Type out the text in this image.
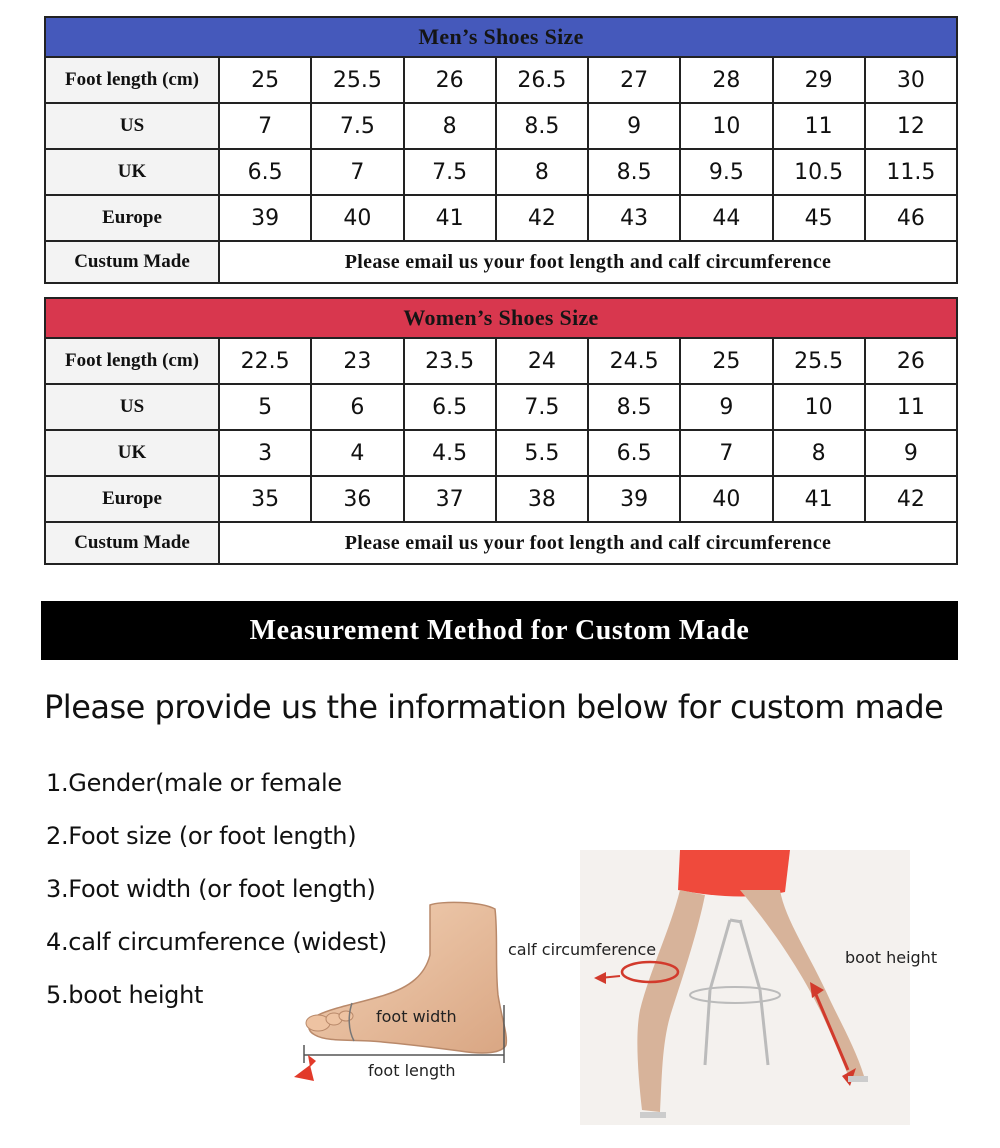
Men’s Shoes Size								
Foot length (cm)	25	25.5	26	26.5	27	28	29	30
US	7	7.5	8	8.5	9	10	11	12
UK	6.5	7	7.5	8	8.5	9.5	10.5	11.5
Europe	39	40	41	42	43	44	45	46
Custum Made	Please email us your foot length and calf circumference							
Women’s Shoes Size								
Foot length (cm)	22.5	23	23.5	24	24.5	25	25.5	26
US	5	6	6.5	7.5	8.5	9	10	11
UK	3	4	4.5	5.5	6.5	7	8	9
Europe	35	36	37	38	39	40	41	42
Custum Made	Please email us your foot length and calf circumference							
Measurement Method for Custom Made
Please provide us the information below for custom made
1.Gender(male or female
2.Foot size (or foot length)
3.Foot width (or foot length)
4.calf circumference (widest)
5.boot height
foot width
foot length
calf circumference	boot height
